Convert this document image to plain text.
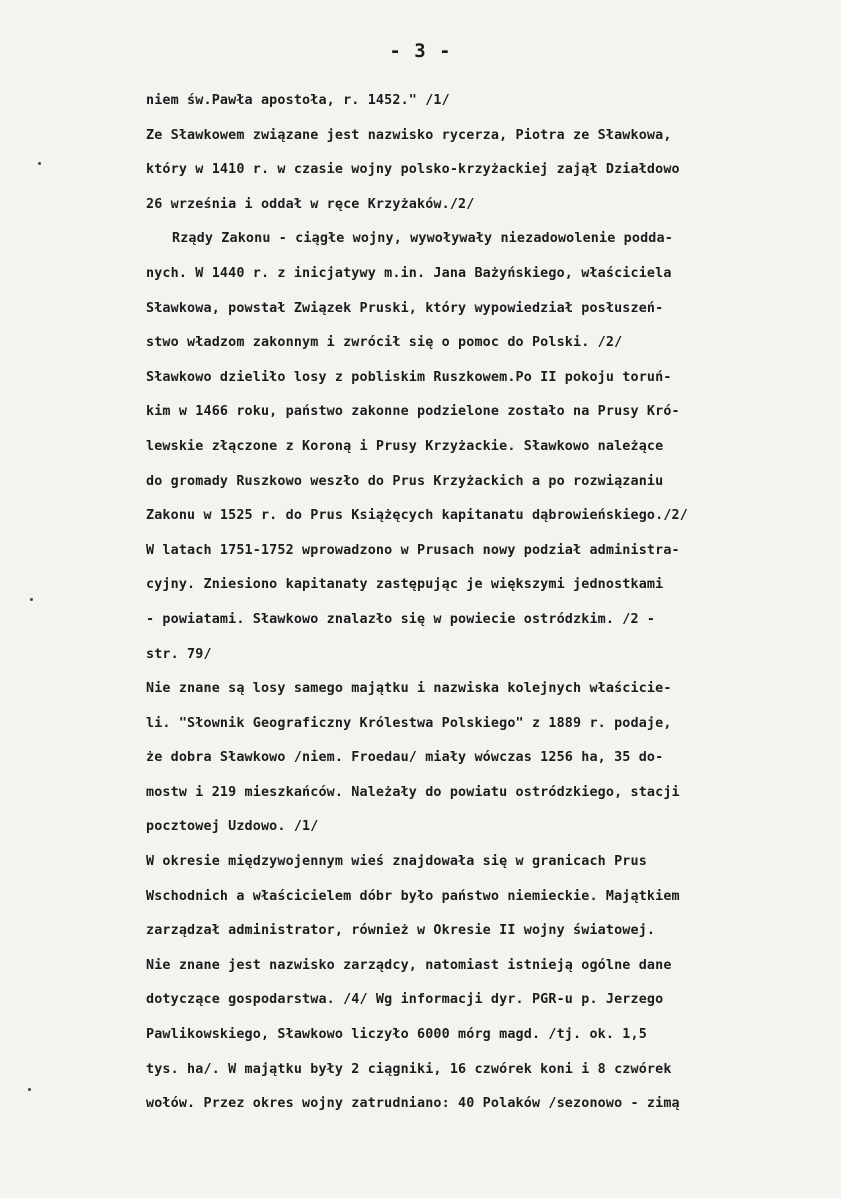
- 3 -
niem św.Pawła apostoła, r. 1452." /1/
Ze Sławkowem związane jest nazwisko rycerza, Piotra ze Sławkowa,
który w 1410 r. w czasie wojny polsko-krzyżackiej zajął Działdowo
26 września i oddał w ręce Krzyżaków./2/
Rządy Zakonu - ciągłe wojny, wywoływały niezadowolenie podda-
nych. W 1440 r. z inicjatywy m.in. Jana Bażyńskiego, właściciela
Sławkowa, powstał Związek Pruski, który wypowiedział posłuszeń-
stwo władzom zakonnym i zwrócił się o pomoc do Polski. /2/
Sławkowo dzieliło losy z pobliskim Ruszkowem.Po II pokoju toruń-
kim w 1466 roku, państwo zakonne podzielone zostało na Prusy Kró-
lewskie złączone z Koroną i Prusy Krzyżackie. Sławkowo należące
do gromady Ruszkowo weszło do Prus Krzyżackich a po rozwiązaniu
Zakonu w 1525 r. do Prus Książęcych kapitanatu dąbrowieńskiego./2/
W latach 1751-1752 wprowadzono w Prusach nowy podział administra-
cyjny. Zniesiono kapitanaty zastępując je większymi jednostkami
- powiatami. Sławkowo znalazło się w powiecie ostródzkim. /2 -
str. 79/
Nie znane są losy samego majątku i nazwiska kolejnych właściciе-
li. "Słownik Geograficzny Królestwa Polskiego" z 1889 r. podaje,
że dobra Sławkowo /niem. Froedau/ miały wówczas 1256 ha, 35 do-
mostw i 219 mieszkańców. Należały do powiatu ostródzkiego, stacji
pocztowej Uzdowo. /1/
W okresie międzywojennym wieś znajdowała się w granicach Prus
Wschodnich a właścicielem dóbr było państwo niemieckie. Majątkiem
zarządzał administrator, również w Okresie II wojny światowej.
Nie znane jest nazwisko zarządcy, natomiast istnieją ogólne dane
dotyczące gospodarstwa. /4/ Wg informacji dyr. PGR-u p. Jerzego
Pawlikowskiego, Sławkowo liczyło 6000 mórg magd. /tj. ok. 1,5
tys. ha/. W majątku były 2 ciągniki, 16 czwórek koni i 8 czwórek
wołów. Przez okres wojny zatrudniano: 40 Polaków /sezonowo - zimą
